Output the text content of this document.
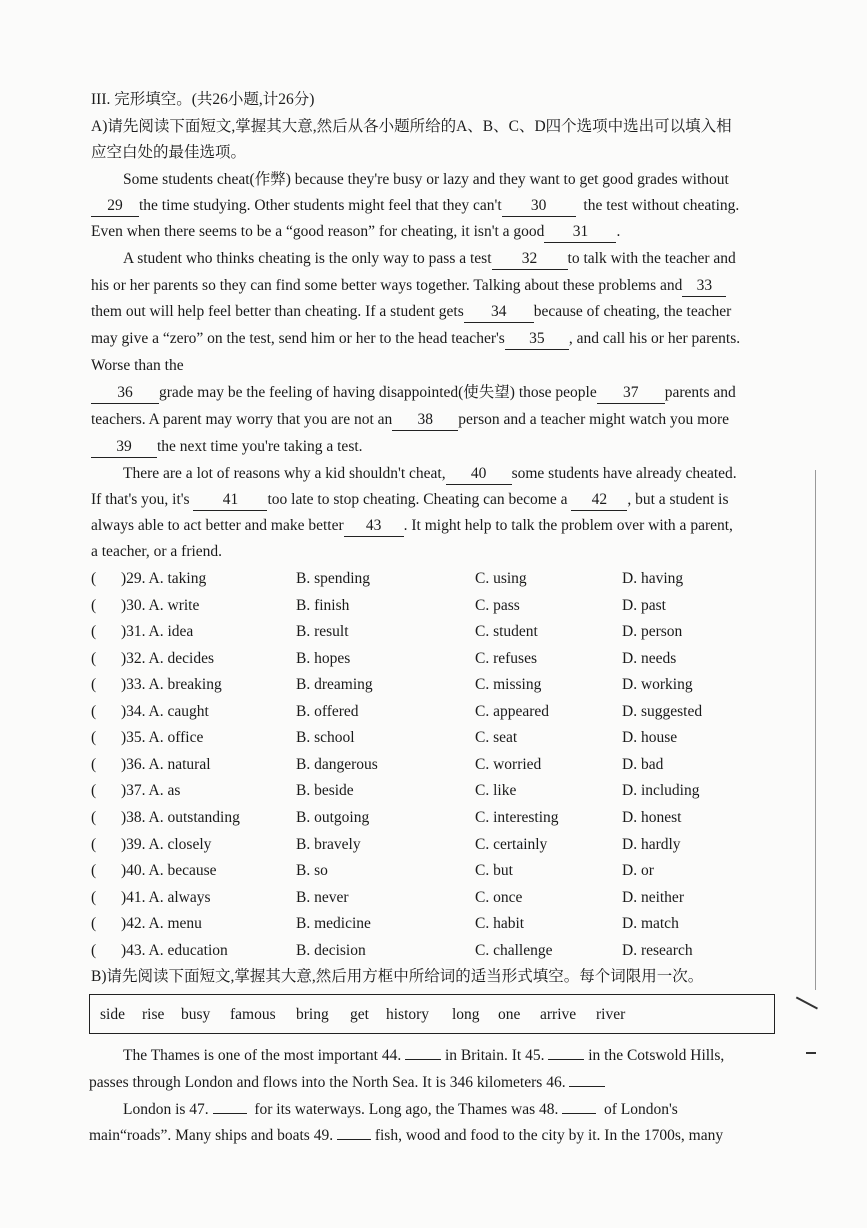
III. 完形填空。(共26小题,计26分)
A)请先阅读下面短文,掌握其大意,然后从各小题所给的A、B、C、D四个选项中选出可以填入相
应空白处的最佳选项。
Some students cheat(作弊) because they're busy or lazy and they want to get good grades without
29 the time studying. Other students might feel that they can't 30 the test without cheating.
Even when there seems to be a “good reason” for cheating, it isn't a good 31 .
A student who thinks cheating is the only way to pass a test 32 to talk with the teacher and
his or her parents so they can find some better ways together. Talking about these problems and 33
them out will help feel better than cheating. If a student gets 34 because of cheating, the teacher
may give a “zero” on the test, send him or her to the head teacher's 35 , and call his or her parents.
Worse than the
36 grade may be the feeling of having disappointed(使失望) those people 37 parents and
teachers. A parent may worry that you are not an 38 person and a teacher might watch you more
39 the next time you're taking a test.
There are a lot of reasons why a kid shouldn't cheat, 40 some students have already cheated.
If that's you, it's 41 too late to stop cheating. Cheating can become a 42 , but a student is
always able to act better and make better 43 . It might help to talk the problem over with a parent,
a teacher, or a friend.
( )29. A. taking	B. spending	C. using	D. having
( )30. A. write	B. finish	C. pass	D. past
( )31. A. idea	B. result	C. student	D. person
( )32. A. decides	B. hopes	C. refuses	D. needs
( )33. A. breaking	B. dreaming	C. missing	D. working
( )34. A. caught	B. offered	C. appeared	D. suggested
( )35. A. office	B. school	C. seat	D. house
( )36. A. natural	B. dangerous	C. worried	D. bad
( )37. A. as	B. beside	C. like	D. including
( )38. A. outstanding	B. outgoing	C. interesting	D. honest
( )39. A. closely	B. bravely	C. certainly	D. hardly
( )40. A. because	B. so	C. but	D. or
( )41. A. always	B. never	C. once	D. neither
( )42. A. menu	B. medicine	C. habit	D. match
( )43. A. education	B. decision	C. challenge	D. research
B)请先阅读下面短文,掌握其大意,然后用方框中所给词的适当形式填空。每个词限用一次。
side rise busy famous bring get history long one arrive river
The Thames is one of the most important 44.	in Britain. It 45.	in the Cotswold Hills,
passes through London and flows into the North Sea. It is 346 kilometers 46.
London is 47.	for its waterways. Long ago, the Thames was 48.	of London's
main“roads”. Many ships and boats 49.	fish, wood and food to the city by it. In the 1700s, many
